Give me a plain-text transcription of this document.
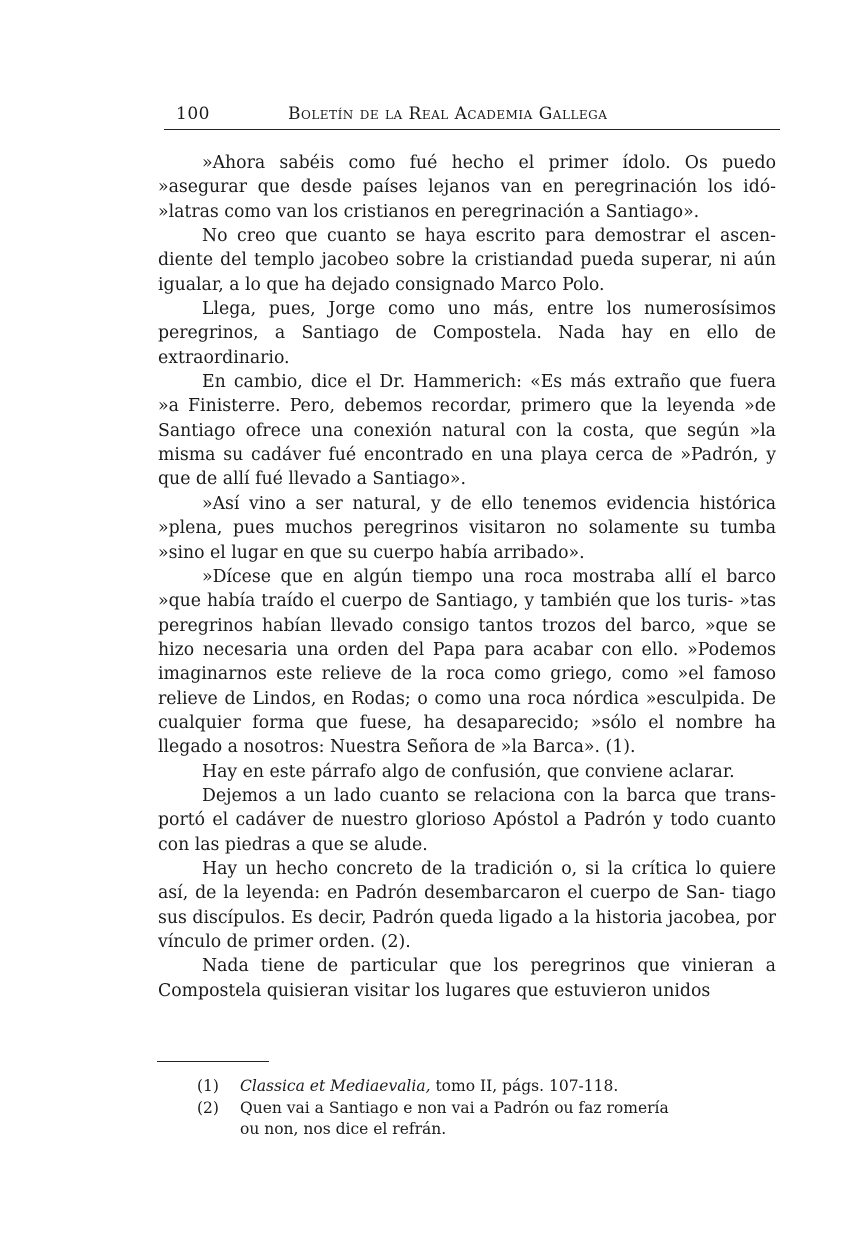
100	Boletín de la Real Academia Gallega

»Ahora sabéis como fué hecho el primer ídolo. Os puedo »asegurar que desde países lejanos van en peregrinación los idó- »latras como van los cristianos en peregrinación a Santiago».

No creo que cuanto se haya escrito para demostrar el ascen- diente del templo jacobeo sobre la cristiandad pueda superar, ni aún igualar, a lo que ha dejado consignado Marco Polo.

Llega, pues, Jorge como uno más, entre los numerosísimos peregrinos, a Santiago de Compostela. Nada hay en ello de extraordinario.

En cambio, dice el Dr. Hammerich: «Es más extraño que fuera »a Finisterre. Pero, debemos recordar, primero que la leyenda »de Santiago ofrece una conexión natural con la costa, que según »la misma su cadáver fué encontrado en una playa cerca de »Padrón, y que de allí fué llevado a Santiago».

»Así vino a ser natural, y de ello tenemos evidencia histórica »plena, pues muchos peregrinos visitaron no solamente su tumba »sino el lugar en que su cuerpo había arribado».

»Dícese que en algún tiempo una roca mostraba allí el barco »que había traído el cuerpo de Santiago, y también que los turis- »tas peregrinos habían llevado consigo tantos trozos del barco, »que se hizo necesaria una orden del Papa para acabar con ello. »Podemos imaginarnos este relieve de la roca como griego, como »el famoso relieve de Lindos, en Rodas; o como una roca nórdica »esculpida. De cualquier forma que fuese, ha desaparecido; »sólo el nombre ha llegado a nosotros: Nuestra Señora de »la Barca». (1).

Hay en este párrafo algo de confusión, que conviene aclarar.

Dejemos a un lado cuanto se relaciona con la barca que trans- portó el cadáver de nuestro glorioso Apóstol a Padrón y todo cuanto con las piedras a que se alude.

Hay un hecho concreto de la tradición o, si la crítica lo quiere así, de la leyenda: en Padrón desembarcaron el cuerpo de San- tiago sus discípulos. Es decir, Padrón queda ligado a la historia jacobea, por vínculo de primer orden. (2).

Nada tiene de particular que los peregrinos que vinieran a Compostela quisieran visitar los lugares que estuvieron unidos

(1) Classica et Mediaevalia, tomo II, págs. 107-118.
(2) Quen vai a Santiago e non vai a Padrón ou faz romería ou non, nos dice el refrán.
